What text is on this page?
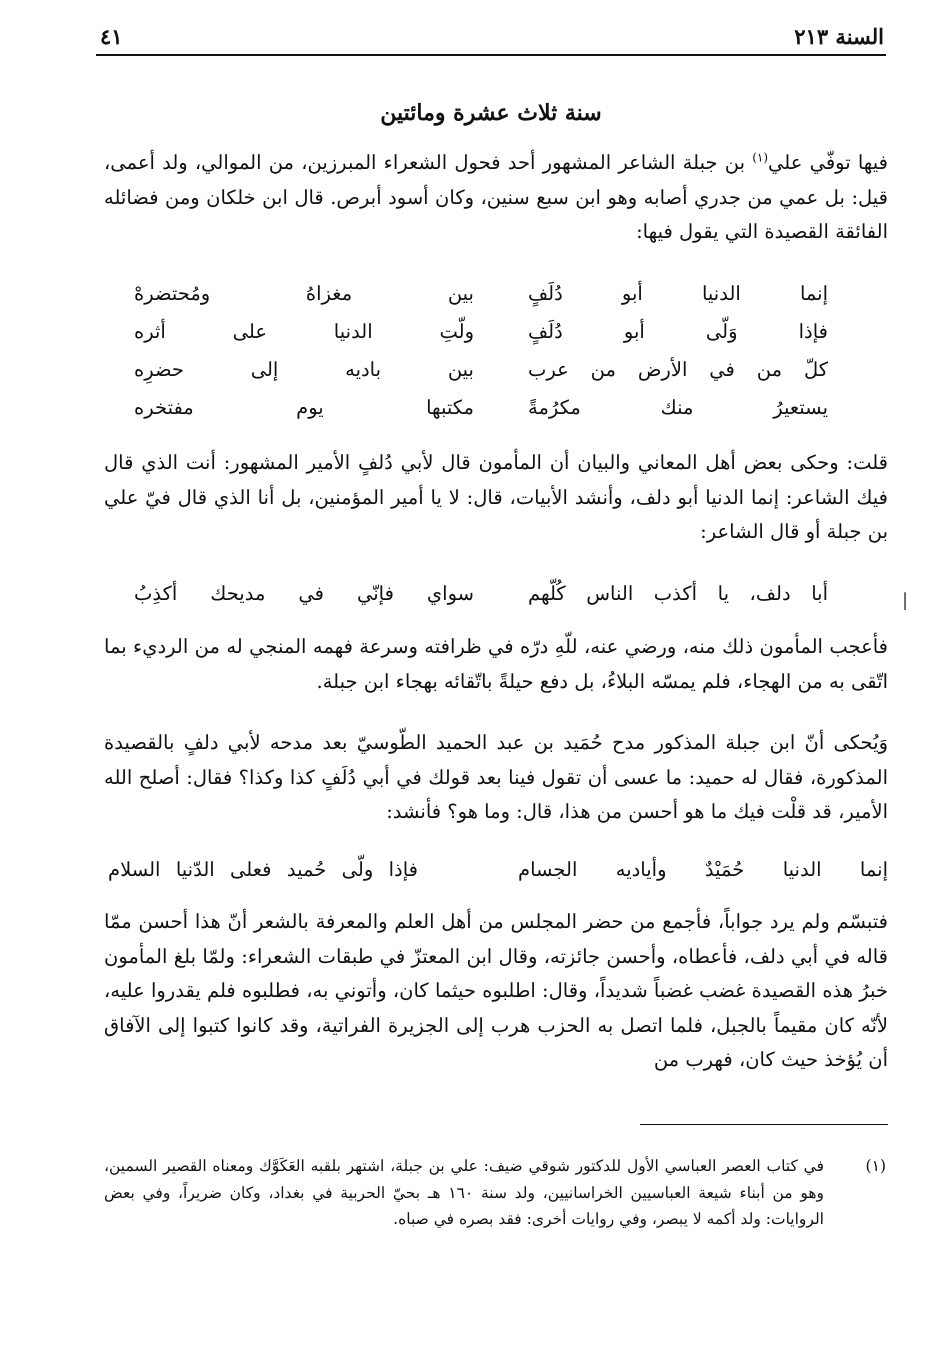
السنة ٢١٣
٤١
سنة ثلاث عشرة ومائتين

فيها توفّي علي$^{(١)}$ بن جبلة الشاعر المشهور أحد فحول الشعراء المبرزين، من الموالي، ولد أعمى، قيل: بل عمي من جدري أصابه وهو ابن سبع سنين، وكان أسود أبرص. قال ابن خلكان ومن فضائله الفائقة القصيدة التي يقول فيها:

إنما الدنيا أبو دُلَفٍ
بين مغزاهُ ومُحتضرهْ
فإذا وَلّى أبو دُلَفٍ
ولّتِ الدنيا على أثره
كلّ من في الأرض من عرب
بين باديه إلى حضرِه
يستعيرُ منك مكرُمةً
مكتبها يوم مفتخره

قلت: وحكى بعض أهل المعاني والبيان أن المأمون قال لأبي دُلفٍ الأمير المشهور: أنت الذي قال فيك الشاعر: إنما الدنيا أبو دلف، وأنشد الأبيات، قال: لا يا أمير المؤمنين، بل أنا الذي قال فيّ علي بن جبلة أو قال الشاعر:

أبا دلف، يا أكذب الناس كُلّهم
سواي فإنّي في مديحك أكذِبُ	|

فأعجب المأمون ذلك منه، ورضي عنه، للّهِ درّه في ظرافته وسرعة فهمه المنجي له من الرديء بما اتّقى به من الهجاء، فلم يمسّه البلاءُ، بل دفع حيلةً باتّقائه بهجاء ابن جبلة.

وَيُحكى أنّ ابن جبلة المذكور مدح حُمَيد بن عبد الحميد الطّوسيّ بعد مدحه لأبي دلفٍ بالقصيدة المذكورة، فقال له حميد: ما عسى أن تقول فينا بعد قولك في أبي دُلَفٍ كذا وكذا؟ فقال: أصلح الله الأمير، قد قلْت فيك ما هو أحسن من هذا، قال: وما هو؟ فأنشد:

إنما الدنيا حُمَيْدٌ وأياديه الجسام
فإذا ولّى حُميد فعلى الدّنيا السلام

فتبسّم ولم يرد جواباً، فأجمع من حضر المجلس من أهل العلم والمعرفة بالشعر أنّ هذا أحسن ممّا قاله في أبي دلف، فأعطاه، وأحسن جائزته، وقال ابن المعتزّ في طبقات الشعراء: ولمّا بلغ المأمون خبرُ هذه القصيدة غضب غضباً شديداً، وقال: اطلبوه حيثما كان، وأتوني به، فطلبوه فلم يقدروا عليه، لأنّه كان مقيماً بالجبل، فلما اتصل به الحزب هرب إلى الجزيرة الفراتية، وقد كانوا كتبوا إلى الآفاق أن يُؤخذ حيث كان، فهرب من

(١)

في كتاب العصر العباسي الأول للدكتور شوقي ضيف: علي بن جبلة، اشتهر بلقبه العَكَوَّك ومعناه القصير السمين، وهو من أبناء شيعة العباسيين الخراسانيين، ولد سنة ١٦٠ هـ بحيّ الحربية في بغداد، وكان ضريراً، وفي بعض الروايات: ولد أكمه لا يبصر، وفي روايات أخرى: فقد بصره في صباه.
